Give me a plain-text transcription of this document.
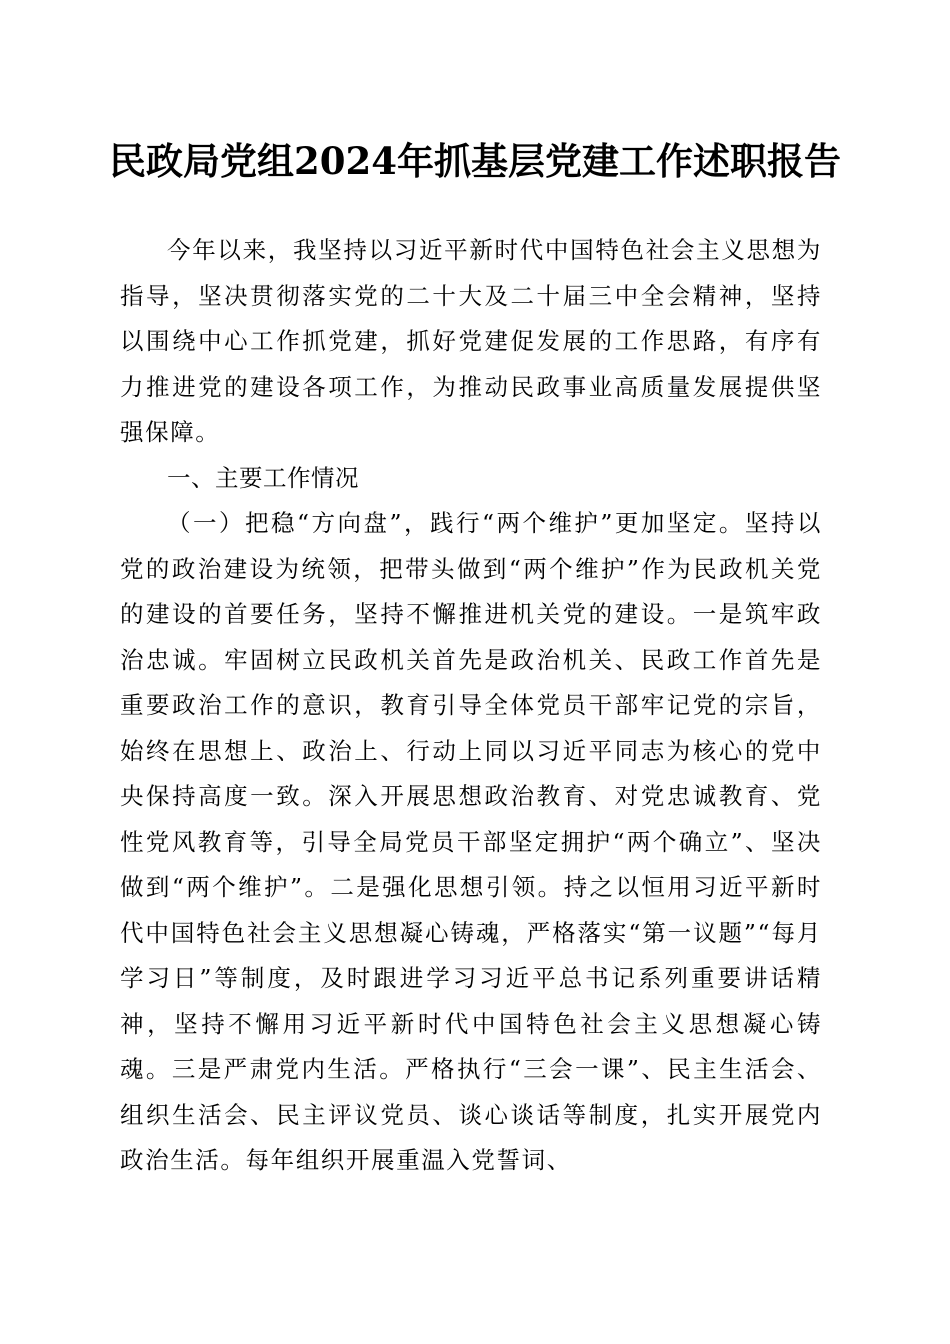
民政局党组2024年抓基层党建工作述职报告

今年以来，我坚持以习近平新时代中国特色社会主义思想为指导，坚决贯彻落实党的二十大及二十届三中全会精神，坚持以围绕中心工作抓党建，抓好党建促发展的工作思路，有序有力推进党的建设各项工作，为推动民政事业高质量发展提供坚强保障。

一、主要工作情况

（一）把稳“方向盘”，践行“两个维护”更加坚定。坚持以党的政治建设为统领，把带头做到“两个维护”作为民政机关党的建设的首要任务，坚持不懈推进机关党的建设。一是筑牢政治忠诚。牢固树立民政机关首先是政治机关、民政工作首先是重要政治工作的意识，教育引导全体党员干部牢记党的宗旨，始终在思想上、政治上、行动上同以习近平同志为核心的党中央保持高度一致。深入开展思想政治教育、对党忠诚教育、党性党风教育等，引导全局党员干部坚定拥护“两个确立”、坚决做到“两个维护”。二是强化思想引领。持之以恒用习近平新时代中国特色社会主义思想凝心铸魂，严格落实“第一议题”“每月学习日”等制度，及时跟进学习习近平总书记系列重要讲话精神，坚持不懈用习近平新时代中国特色社会主义思想凝心铸魂。三是严肃党内生活。严格执行“三会一课”、民主生活会、组织生活会、民主评议党员、谈心谈话等制度，扎实开展党内政治生活。每年组织开展重温入党誓词、
